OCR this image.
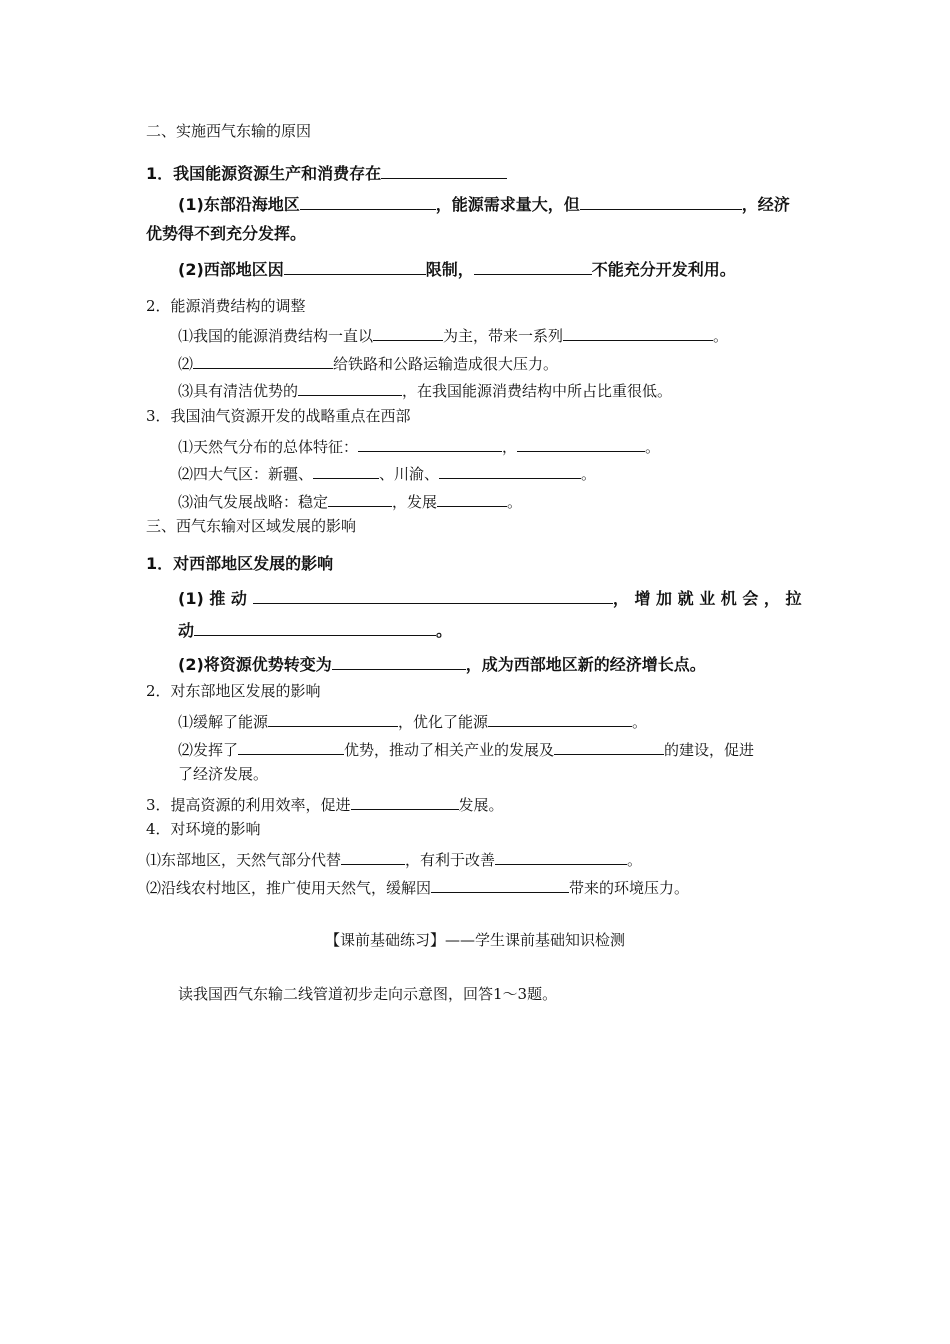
二、实施西气东输的原因
1．我国能源资源生产和消费存在
(1)东部沿海地区	，能源需求量大，但	，经济
优势得不到充分发挥。
(2)西部地区因	限制，	不能充分开发利用。
2．能源消费结构的调整
⑴我国的能源消费结构一直以	为主，带来一系列	。
⑵	给铁路和公路运输造成很大压力。
⑶具有清洁优势的	，在我国能源消费结构中所占比重很低。
3．我国油气资源开发的战略重点在西部
⑴天然气分布的总体特征：	，	。
⑵四大气区：新疆、	、川渝、	。
⑶油气发展战略：稳定	，发展	。
三、西气东输对区域发展的影响
1．对西部地区发展的影响
(1) 推 动	， 增 加 就 业 机 会 ， 拉
动	。
(2)将资源优势转变为	，成为西部地区新的经济增长点。
2．对东部地区发展的影响
⑴缓解了能源	，优化了能源	。
⑵发挥了	优势，推动了相关产业的发展及	的建设，促进
了经济发展。
3．提高资源的利用效率，促进	发展。
4．对环境的影响
⑴东部地区，天然气部分代替	，有利于改善	。
⑵沿线农村地区，推广使用天然气，缓解因	带来的环境压力。
【课前基础练习】——学生课前基础知识检测
读我国西气东输二线管道初步走向示意图，回答1～3题。
